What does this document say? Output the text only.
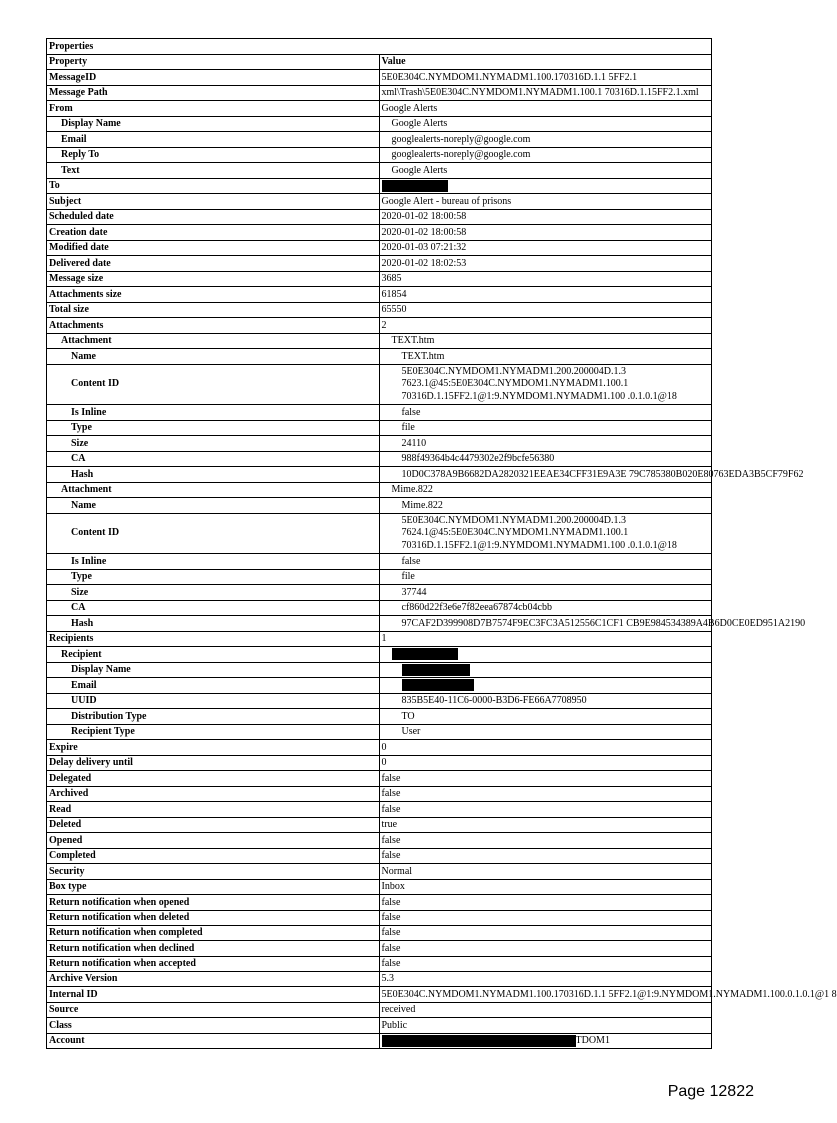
Properties	
Property	Value
MessageID	5E0E304C.NYMDOM1.NYMADM1.100.170316D.1.1 5FF2.1
Message Path	xml\Trash\5E0E304C.NYMDOM1.NYMADM1.100.1 70316D.1.15FF2.1.xml
From	Google Alerts
Display Name	Google Alerts
Email	googlealerts-noreply@google.com
Reply To	googlealerts-noreply@google.com
Text	Google Alerts
To	
Subject	Google Alert - bureau of prisons
Scheduled date	2020-01-02 18:00:58
Creation date	2020-01-02 18:00:58
Modified date	2020-01-03 07:21:32
Delivered date	2020-01-02 18:02:53
Message size	3685
Attachments size	61854
Total size	65550
Attachments	2
Attachment	TEXT.htm
Name	TEXT.htm
Content ID	5E0E304C.NYMDOM1.NYMADM1.200.200004D.1.3
7623.1@45:5E0E304C.NYMDOM1.NYMADM1.100.1
70316D.1.15FF2.1@1:9.NYMDOM1.NYMADM1.100 .0.1.0.1@18

Is Inline	false
Type	file
Size	24110
CA	988f49364b4c4479302e2f9bcfe56380
Hash	10D0C378A9B6682DA2820321EEAE34CFF31E9A3E 79C785380B020E80763EDA3B5CF79F62
Attachment	Mime.822
Name	Mime.822
Content ID	5E0E304C.NYMDOM1.NYMADM1.200.200004D.1.3
7624.1@45:5E0E304C.NYMDOM1.NYMADM1.100.1
70316D.1.15FF2.1@1:9.NYMDOM1.NYMADM1.100 .0.1.0.1@18

Is Inline	false
Type	file
Size	37744
CA	cf860d22f3e6e7f82eea67874cb04cbb
Hash	97CAF2D399908D7B7574F9EC3FC3A512556C1CF1 CB9E984534389A4B6D0CE0ED951A2190
Recipients	1
Recipient	
Display Name	
Email	
UUID	835B5E40-11C6-0000-B3D6-FE66A7708950
Distribution Type	TO
Recipient Type	User
Expire	0
Delay delivery until	0
Delegated	false
Archived	false
Read	false
Deleted	true
Opened	false
Completed	false
Security	Normal
Box type	Inbox
Return notification when opened	false
Return notification when deleted	false
Return notification when completed	false
Return notification when declined	false
Return notification when accepted	false
Archive Version	5.3
Internal ID	5E0E304C.NYMDOM1.NYMADM1.100.170316D.1.1 5FF2.1@1:9.NYMDOM1.NYMADM1.100.0.1.0.1@1 8
Source	received
Class	Public
Account	TDOM1
Page 12822
